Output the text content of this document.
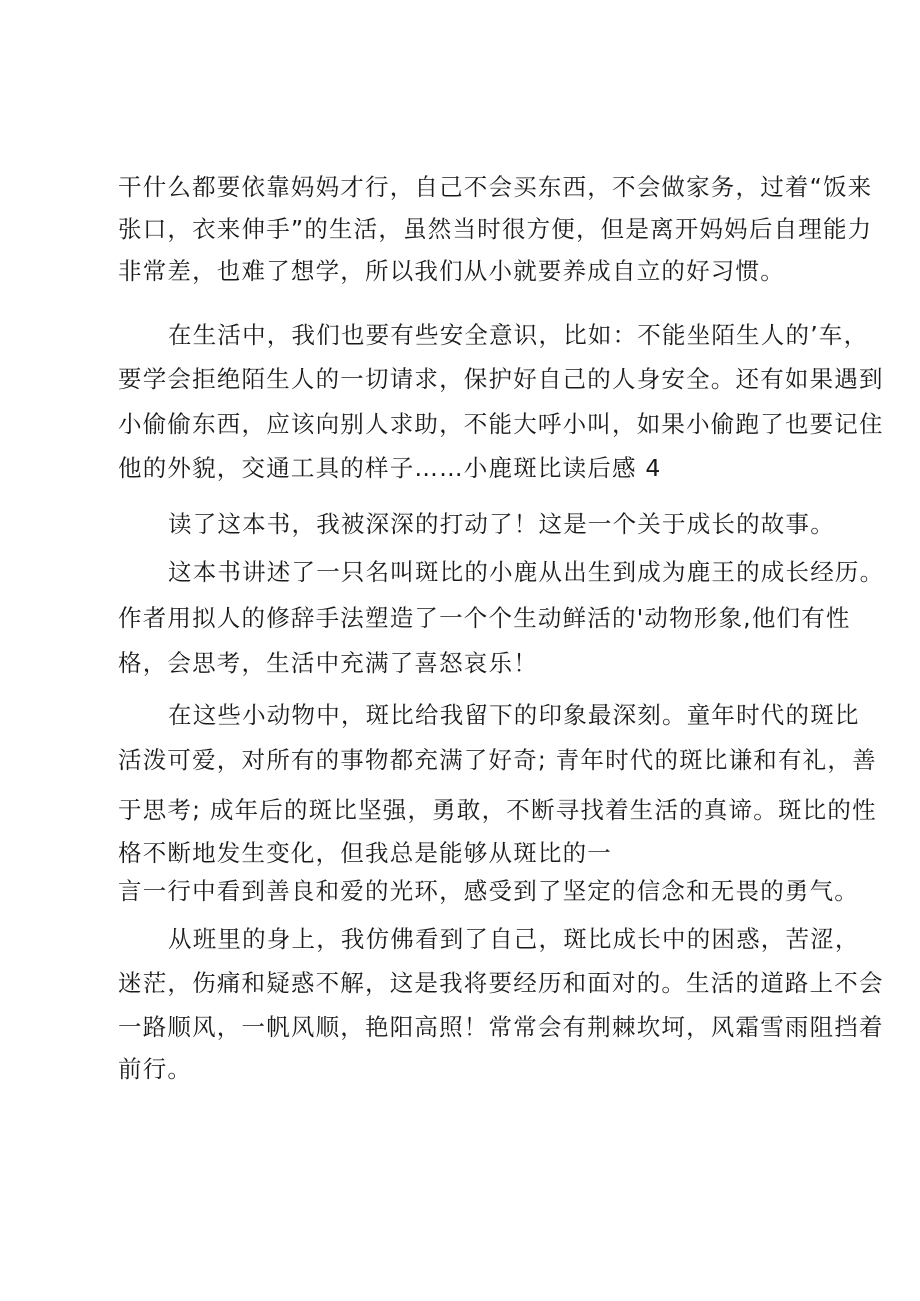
干什么都要依靠妈妈才行，自己不会买东西，不会做家务，过着“饭来
张口，衣来伸手”的生活，虽然当时很方便，但是离开妈妈后自理能力
非常差，也难了想学，所以我们从小就要养成自立的好习惯。
在生活中，我们也要有些安全意识，比如：不能坐陌生人的’车，
要学会拒绝陌生人的一切请求，保护好自己的人身安全。还有如果遇到
小偷偷东西，应该向别人求助，不能大呼小叫，如果小偷跑了也要记住
他的外貌，交通工具的样子……小鹿斑比读后感 4
读了这本书，我被深深的打动了！这是一个关于成长的故事。
这本书讲述了一只名叫斑比的小鹿从出生到成为鹿王的成长经历。
作者用拟人的修辞手法塑造了一个个生动鲜活的'动物形象,他们有性
格，会思考，生活中充满了喜怒哀乐！
在这些小动物中，斑比给我留下的印象最深刻。童年时代的斑比
活泼可爱，对所有的事物都充满了好奇; 青年时代的斑比谦和有礼，善
于思考; 成年后的斑比坚强，勇敢，不断寻找着生活的真谛。斑比的性
格不断地发生变化，但我总是能够从斑比的一
言一行中看到善良和爱的光环，感受到了坚定的信念和无畏的勇气。
从班里的身上，我仿佛看到了自己，斑比成长中的困惑，苦涩，
迷茫，伤痛和疑惑不解，这是我将要经历和面对的。生活的道路上不会
一路顺风，一帆风顺，艳阳高照！常常会有荆棘坎坷，风霜雪雨阻挡着
前行。
